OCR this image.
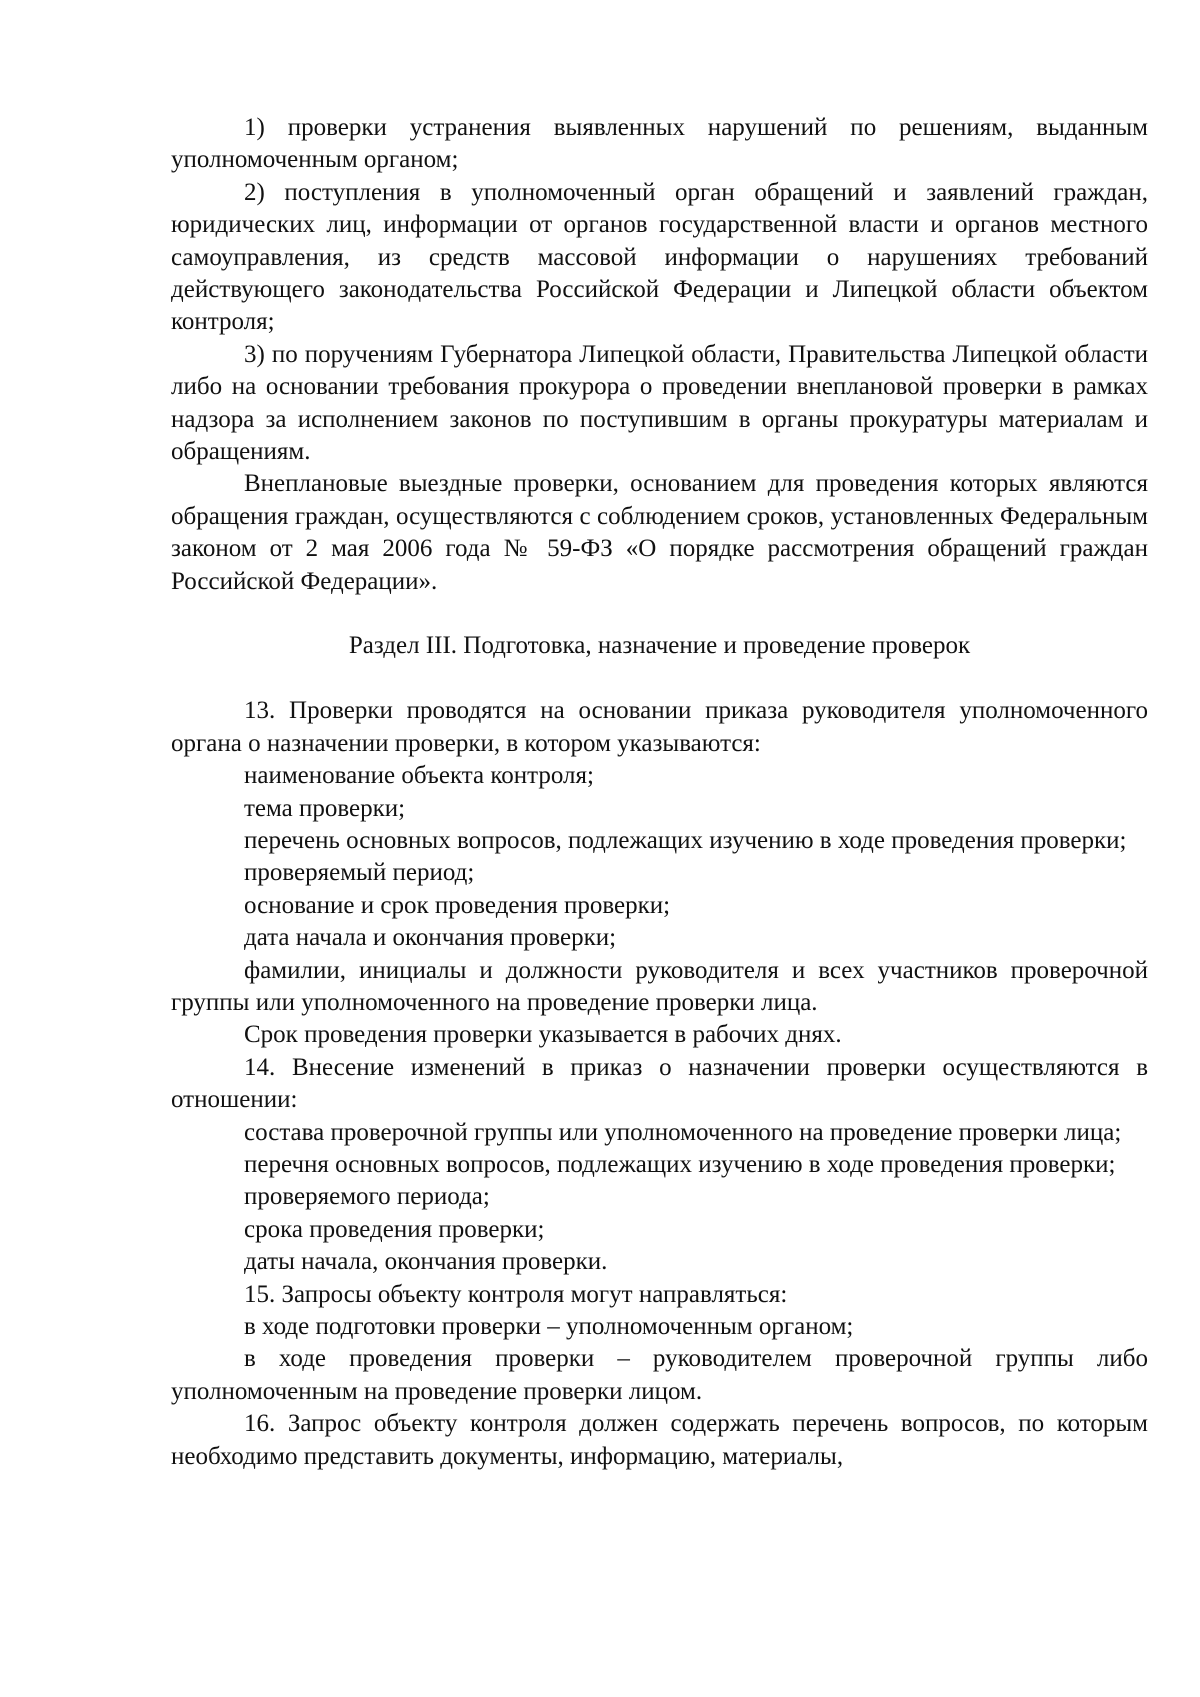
1) проверки устранения выявленных нарушений по решениям, выданным уполномоченным органом;

2) поступления в уполномоченный орган обращений и заявлений граждан, юридических лиц, информации от органов государственной власти и органов местного самоуправления, из средств массовой информации о нарушениях требований действующего законодательства Российской Федерации и Липецкой области объектом контроля;

3) по поручениям Губернатора Липецкой области, Правительства Липецкой области либо на основании требования прокурора о проведении внеплановой проверки в рамках надзора за исполнением законов по поступившим в органы прокуратуры материалам и обращениям.

Внеплановые выездные проверки, основанием для проведения которых являются обращения граждан, осуществляются с соблюдением сроков, установленных Федеральным законом от 2 мая 2006 года № 59-ФЗ «О порядке рассмотрения обращений граждан Российской Федерации».

Раздел III. Подготовка, назначение и проведение проверок

13. Проверки проводятся на основании приказа руководителя уполномоченного органа о назначении проверки, в котором указываются:

наименование объекта контроля;

тема проверки;

перечень основных вопросов, подлежащих изучению в ходе проведения проверки;

проверяемый период;

основание и срок проведения проверки;

дата начала и окончания проверки;

фамилии, инициалы и должности руководителя и всех участников проверочной группы или уполномоченного на проведение проверки лица.

Срок проведения проверки указывается в рабочих днях.

14. Внесение изменений в приказ о назначении проверки осуществляются в отношении:

состава проверочной группы или уполномоченного на проведение проверки лица;

перечня основных вопросов, подлежащих изучению в ходе проведения проверки;

проверяемого периода;

срока проведения проверки;

даты начала, окончания проверки.

15. Запросы объекту контроля могут направляться:

в ходе подготовки проверки – уполномоченным органом;

в ходе проведения проверки – руководителем проверочной группы либо уполномоченным на проведение проверки лицом.

16. Запрос объекту контроля должен содержать перечень вопросов, по которым необходимо представить документы, информацию, материалы,
